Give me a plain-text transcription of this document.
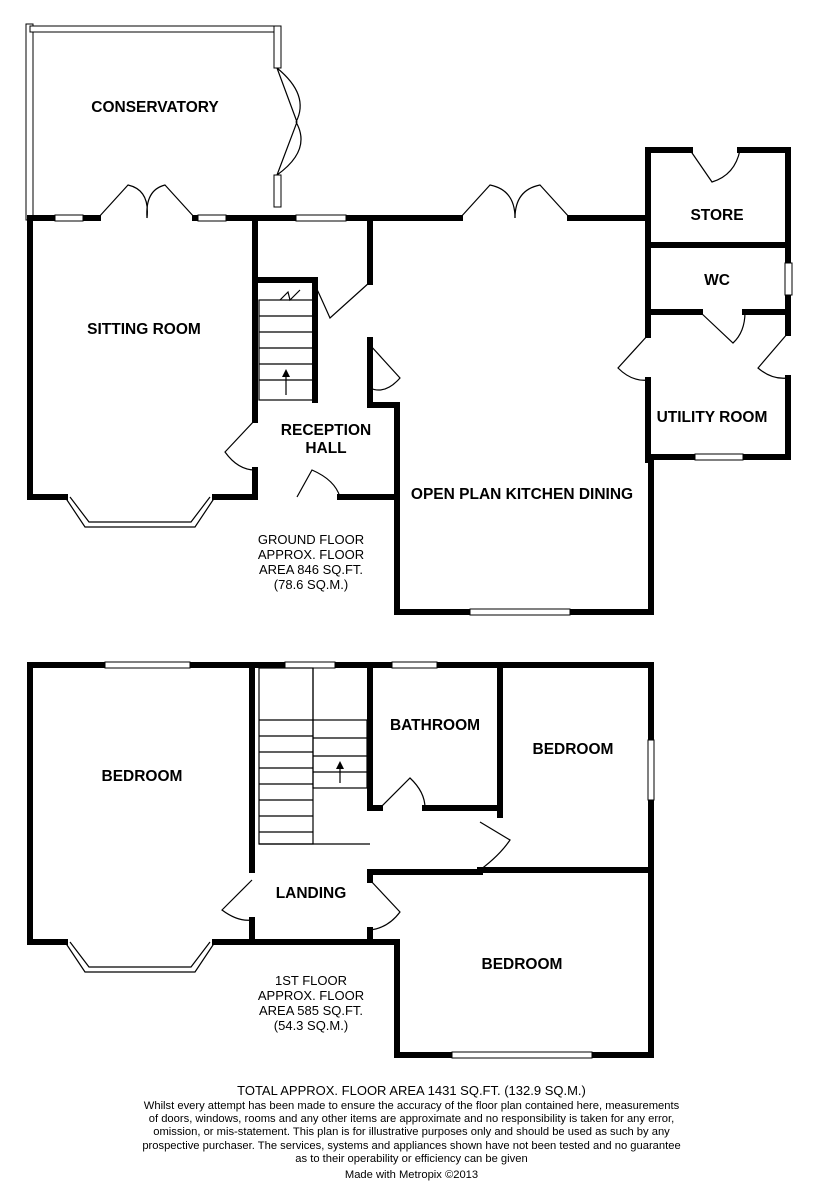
CONSERVATORY
SITTING ROOM
RECEPTION
HALL
OPEN PLAN KITCHEN DINING
STORE
WC
UTILITY ROOM
GROUND FLOOR
APPROX. FLOOR
AREA 846 SQ.FT.
(78.6 SQ.M.)
BEDROOM
BATHROOM
BEDROOM
LANDING
BEDROOM
1ST FLOOR
APPROX. FLOOR
AREA 585 SQ.FT.
(54.3 SQ.M.)
TOTAL APPROX. FLOOR AREA 1431 SQ.FT. (132.9 SQ.M.)
Whilst every attempt has been made to ensure the accuracy of the floor plan contained here, measurements
of doors, windows, rooms and any other items are approximate and no responsibility is taken for any error,
omission, or mis-statement. This plan is for illustrative purposes only and should be used as such by any
prospective purchaser. The services, systems and appliances shown have not been tested and no guarantee
as to their operability or efficiency can be given
Made with Metropix ©2013
